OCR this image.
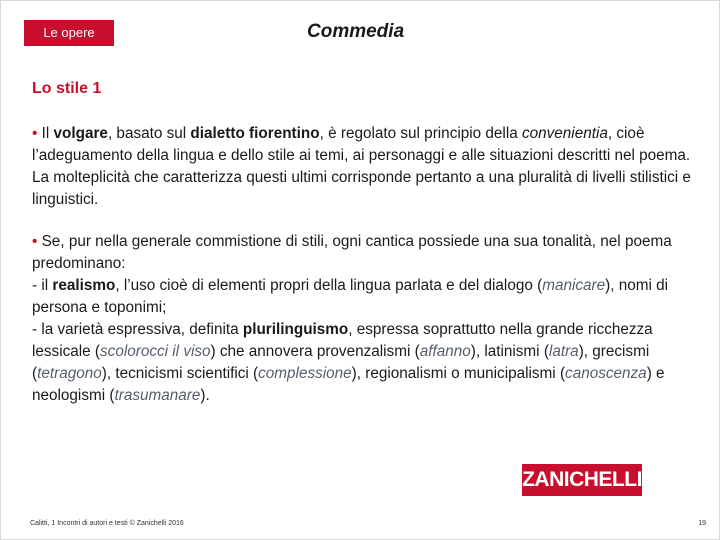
Le opere	Commedia
Lo stile 1
• Il volgare, basato sul dialetto fiorentino, è regolato sul principio della convenientia, cioè l’adeguamento della lingua e dello stile ai temi, ai personaggi e alle situazioni descritti nel poema. La molteplicità che caratterizza questi ultimi corrisponde pertanto a una pluralità di livelli stilistici e linguistici.
• Se, pur nella generale commistione di stili, ogni cantica possiede una sua tonalità, nel poema predominano:
- il realismo, l’uso cioè di elementi propri della lingua parlata e del dialogo (manicare), nomi di persona e toponimi;
- la varietà espressiva, definita plurilinguismo, espressa soprattutto nella grande ricchezza lessicale (scolorocci il viso) che annovera provenzalismi (affanno), latinismi (latra), grecismi (tetragono), tecnicismi scientifici (complessione), regionalismi o municipalismi (canoscenza) e neologismi (trasumanare).
ZANICHELLI
Calitti, 1 Incontri di autori e testi © Zanichelli 2016	19
